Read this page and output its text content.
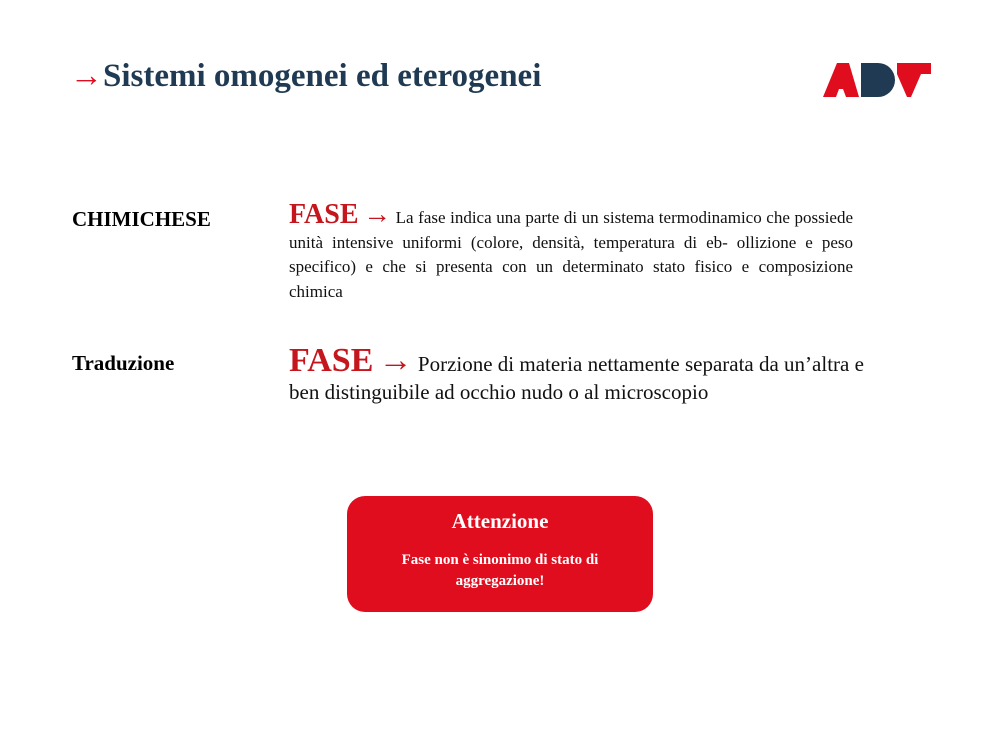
→Sistemi omogenei ed eterogenei
CHIMICHESE	FASE → La fase indica una parte di un sistema termodinamico che possiede unità intensive uniformi (colore, densità, temperatura di eb- ollizione e peso specifico) e che si presenta con un determinato stato fisico e composizione chimica
Traduzione	FASE → Porzione di materia nettamente separata da un’altra e ben distinguibile ad occhio nudo o al microscopio
Attenzione
Fase non è sinonimo di stato di aggregazione!
